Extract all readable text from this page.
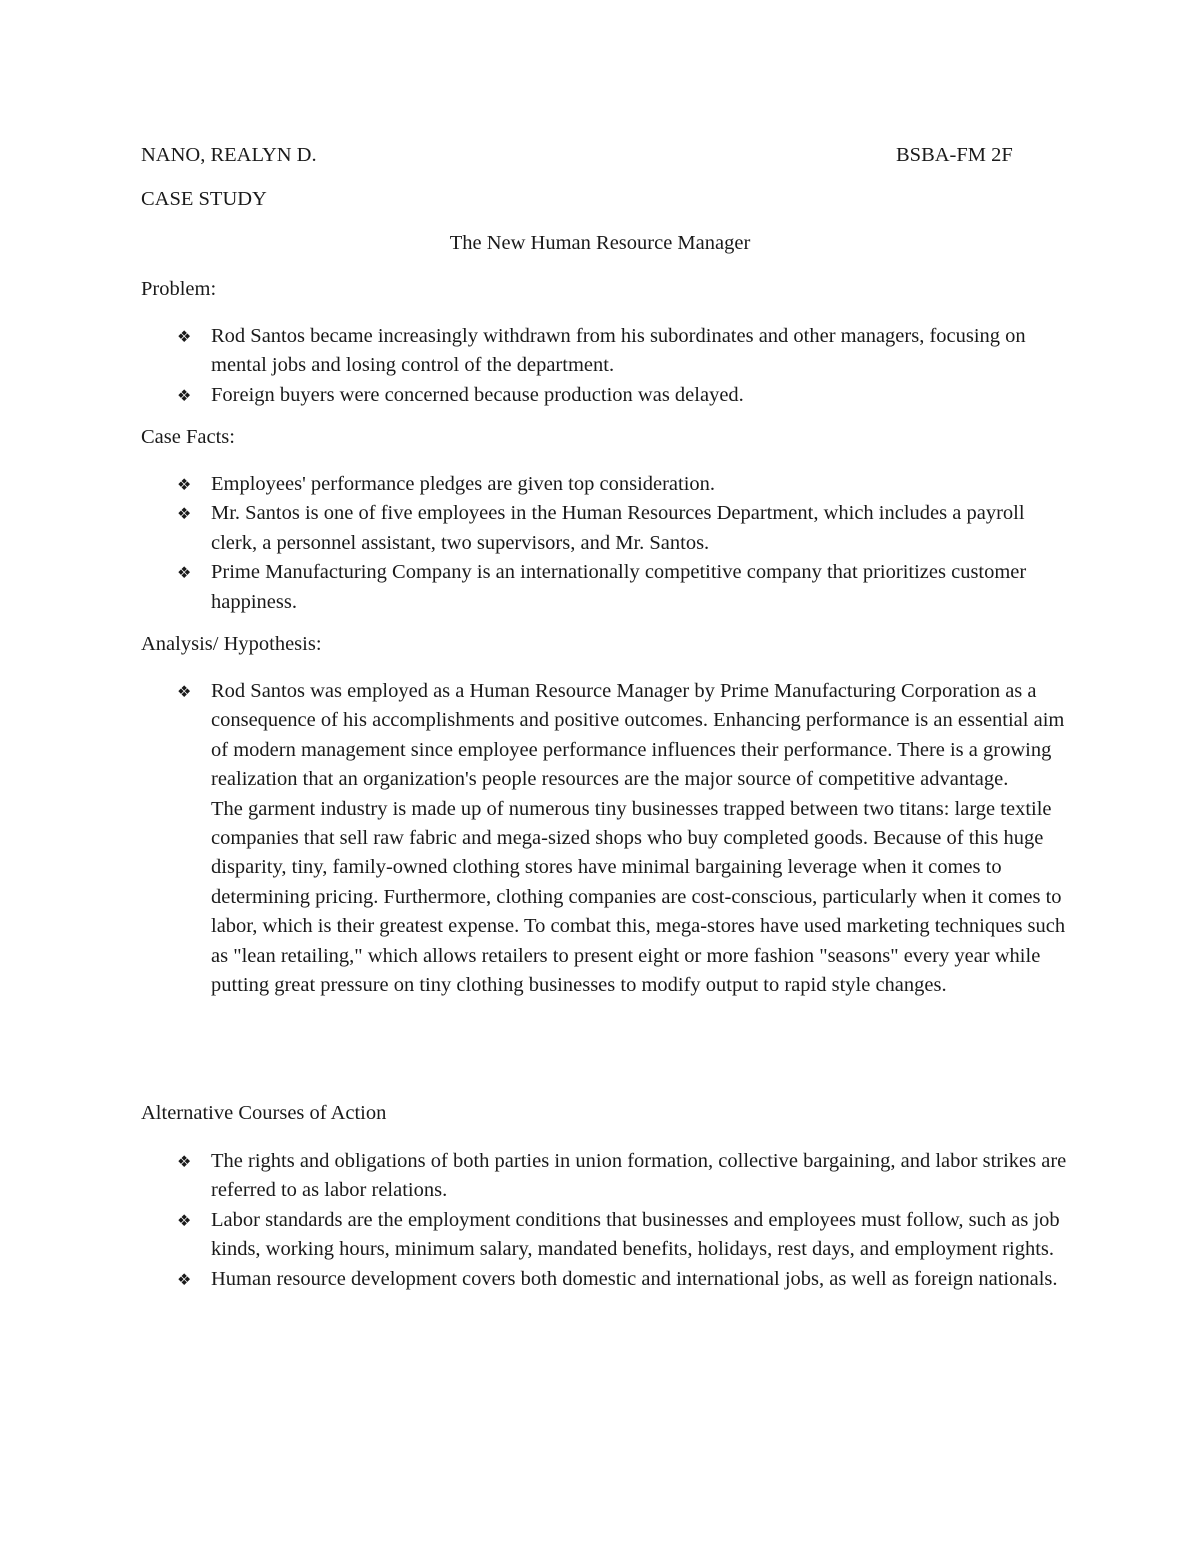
NANO, REALYN D.	BSBA-FM 2F
CASE STUDY
The New Human Resource Manager
Problem:
❖ Rod Santos became increasingly withdrawn from his subordinates and other managers, focusing on mental jobs and losing control of the department.
❖ Foreign buyers were concerned because production was delayed.
Case Facts:
❖ Employees' performance pledges are given top consideration.
❖ Mr. Santos is one of five employees in the Human Resources Department, which includes a payroll clerk, a personnel assistant, two supervisors, and Mr. Santos.
❖ Prime Manufacturing Company is an internationally competitive company that prioritizes customer happiness.
Analysis/ Hypothesis:
❖ Rod Santos was employed as a Human Resource Manager by Prime Manufacturing Corporation as a consequence of his accomplishments and positive outcomes. Enhancing performance is an essential aim of modern management since employee performance influences their performance. There is a growing realization that an organization's people resources are the major source of competitive advantage.
The garment industry is made up of numerous tiny businesses trapped between two titans: large textile companies that sell raw fabric and mega-sized shops who buy completed goods. Because of this huge disparity, tiny, family-owned clothing stores have minimal bargaining leverage when it comes to determining pricing. Furthermore, clothing companies are cost-conscious, particularly when it comes to labor, which is their greatest expense. To combat this, mega-stores have used marketing techniques such as "lean retailing," which allows retailers to present eight or more fashion "seasons" every year while putting great pressure on tiny clothing businesses to modify output to rapid style changes.
Alternative Courses of Action
❖ The rights and obligations of both parties in union formation, collective bargaining, and labor strikes are referred to as labor relations.
❖ Labor standards are the employment conditions that businesses and employees must follow, such as job kinds, working hours, minimum salary, mandated benefits, holidays, rest days, and employment rights.
❖ Human resource development covers both domestic and international jobs, as well as foreign nationals.
